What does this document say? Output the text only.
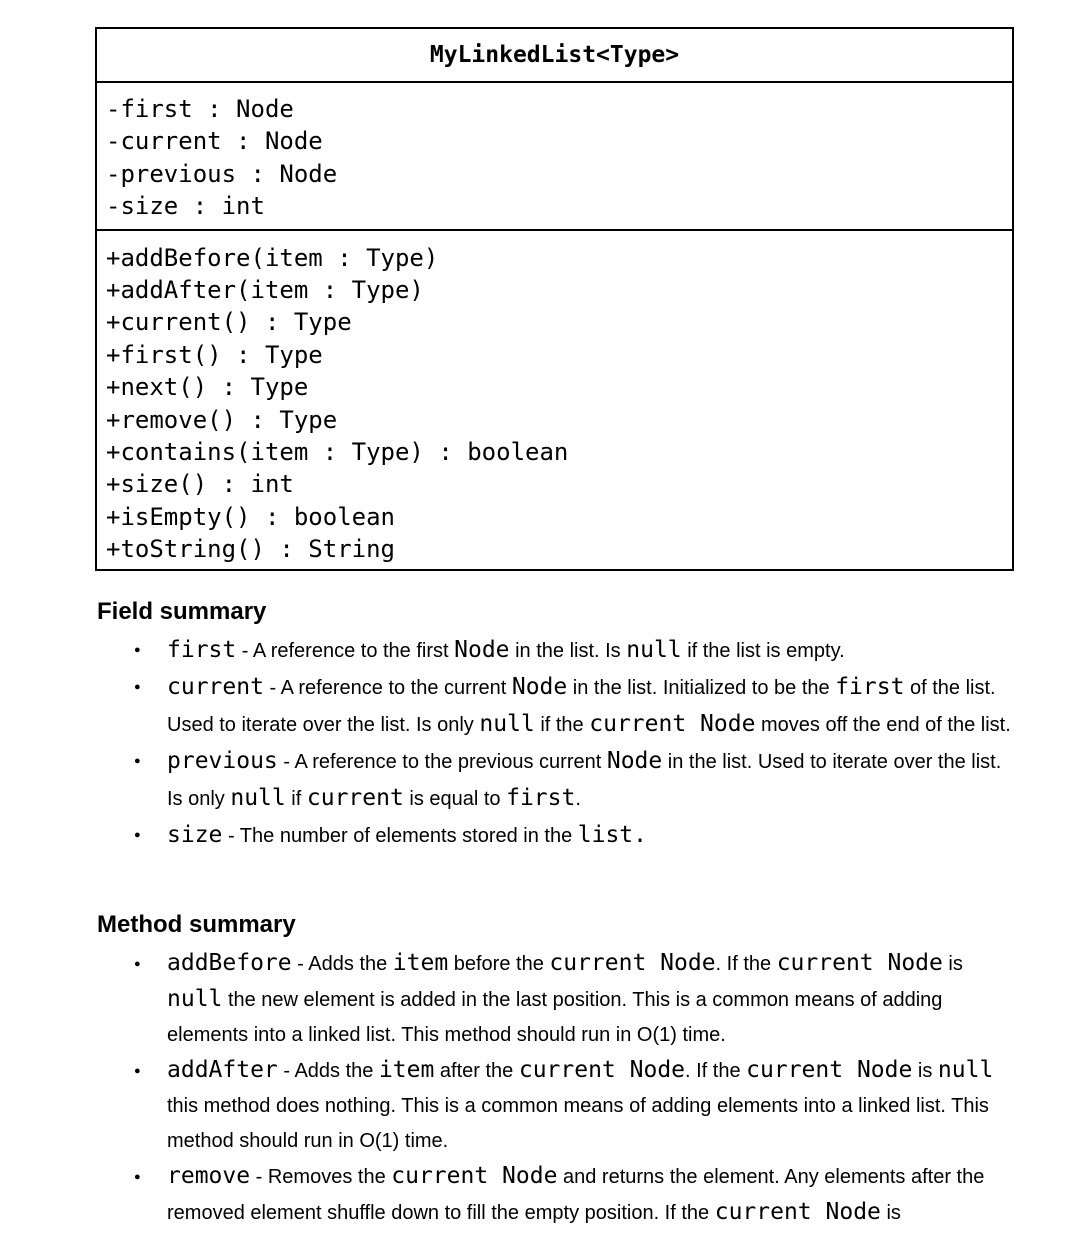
MyLinkedList<Type>
-first : Node
-current : Node
-previous : Node
-size : int
+addBefore(item : Type)
+addAfter(item : Type)
+current() : Type
+first() : Type
+next() : Type
+remove() : Type
+contains(item : Type) : boolean
+size() : int
+isEmpty() : boolean
+toString() : String
Field summary
● first - A reference to the first Node in the list. Is null if the list is empty.
● current - A reference to the current Node in the list. Initialized to be the first of the list. Used to iterate over the list. Is only null if the current Node moves off the end of the list.
● previous - A reference to the previous current Node in the list. Used to iterate over the list. Is only null if current is equal to first.
● size - The number of elements stored in the list.
Method summary
● addBefore - Adds the item before the current Node. If the current Node is null the new element is added in the last position. This is a common means of adding elements into a linked list. This method should run in O(1) time.
● addAfter - Adds the item after the current Node. If the current Node is null this method does nothing. This is a common means of adding elements into a linked list. This method should run in O(1) time.
● remove - Removes the current Node and returns the element. Any elements after the removed element shuffle down to fill the empty position. If the current Node is
